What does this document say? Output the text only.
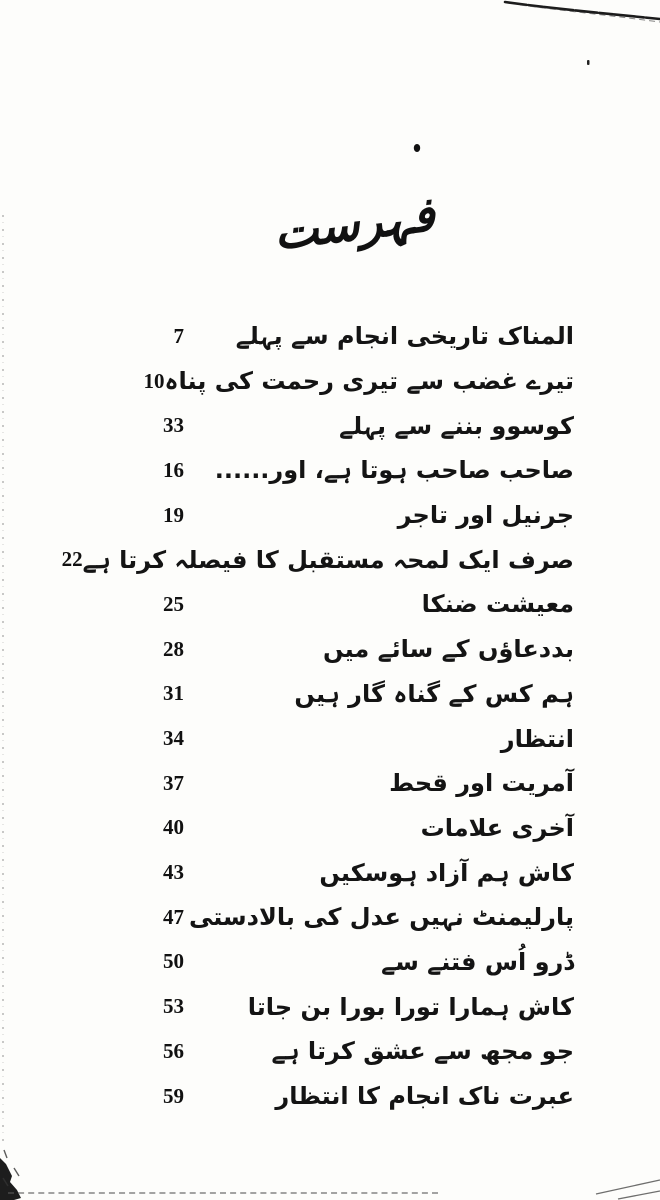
فہرست
المناک تاریخی انجام سے پہلے
7
تیرے غضب سے تیری رحمت کی پناہ
10
کوسوو بننے سے پہلے
33
صاحب صاحب ہوتا ہے، اور......
16
جرنیل اور تاجر
19
صرف ایک لمحہ مستقبل کا فیصلہ کرتا ہے
22
معیشت ضنکا
25
بددعاؤں کے سائے میں
28
ہم کس کے گناہ گار ہیں
31
انتظار
34
آمریت اور قحط
37
آخری علامات
40
کاش ہم آزاد ہوسکیں
43
پارلیمنٹ نہیں عدل کی بالادستی
47
ڈرو اُس فتنے سے
50
کاش ہمارا تورا بورا بن جاتا
53
جو مجھ سے عشق کرتا ہے
56
عبرت ناک انجام کا انتظار
59
